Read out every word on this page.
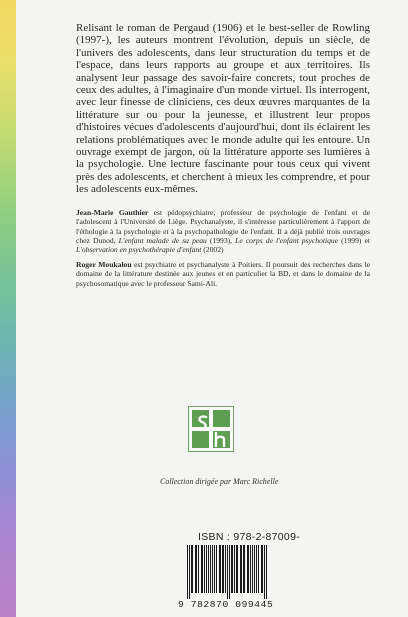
Relisant le roman de Pergaud (1906) et le best-seller de Rowling (1997-), les auteurs montrent l'évolution, depuis un siècle, de l'univers des adolescents, dans leur structuration du temps et de l'espace, dans leurs rapports au groupe et aux territoires. Ils analysent leur passage des savoir-faire concrets, tout proches de ceux des adultes, à l'imaginaire d'un monde virtuel. Ils interrogent, avec leur finesse de cliniciens, ces deux œuvres marquantes de la littérature sur ou pour la jeunesse, et illustrent leur propos d'histoires vécues d'adolescents d'aujourd'hui, dont ils éclairent les relations problématiques avec le monde adulte qui les entoure. Un ouvrage exempt de jargon, où la littérature apporte ses lumières à la psychologie. Une lecture fascinante pour tous ceux qui vivent près des adolescents, et cherchent à mieux les comprendre, et pour les adolescents eux-mêmes.

Jean-Marie Gauthier est pédopsychiatre, professeur de psychologie de l'enfant et de l'adolescent à l'Université de Liège. Psychanalyste, il s'intéresse particulièrement à l'apport de l'éthologie à la psychologie et à la psychopathologie de l'enfant. Il a déjà publié trois ouvrages chez Dunod, L'enfant malade de sa peau (1993), Le corps de l'enfant psychotique (1999) et L'observation en psychothérapie d'enfant (2002)

Roger Moukalou est psychiatre et psychanalyste à Poitiers. Il poursuit des recherches dans le domaine de la littérature destinée aux jeunes et en particulier la BD, et dans le domaine de la psychosomatique avec le professeur Sami-Ali.

Collection dirigée par Marc Richelle
ISBN : 978-2-87009- 44-5
9 782870 099445
